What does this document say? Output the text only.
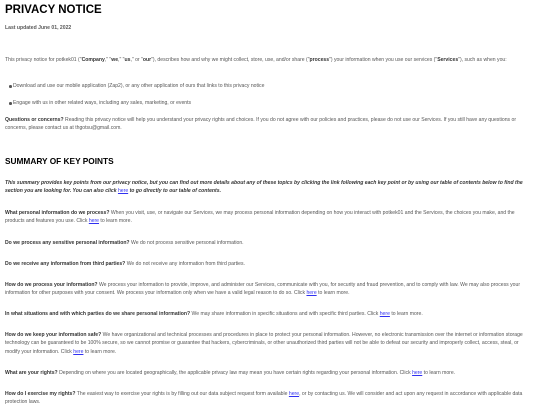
PRIVACY NOTICE
Last updated June 01, 2022
This privacy notice for potkek01 ("Company," "we," "us," or "our"), describes how and why we might collect, store, use, and/or share ("process") your information when you use our services ("Services"), such as when you:
Download and use our mobile application (Zap2), or any other application of ours that links to this privacy notice
Engage with us in other related ways, including any sales, marketing, or events
Questions or concerns? Reading this privacy notice will help you understand your privacy rights and choices. If you do not agree with our policies and practices, please do not use our Services. If you still have any questions or concerns, please contact us at thgotsu@gmail.com.
SUMMARY OF KEY POINTS
This summary provides key points from our privacy notice, but you can find out more details about any of these topics by clicking the link following each key point or by using our table of contents below to find the section you are looking for. You can also click here to go directly to our table of contents.
What personal information do we process? When you visit, use, or navigate our Services, we may process personal information depending on how you interact with potkek01 and the Services, the choices you make, and the products and features you use. Click here to learn more.
Do we process any sensitive personal information? We do not process sensitive personal information.
Do we receive any information from third parties? We do not receive any information from third parties.
How do we process your information? We process your information to provide, improve, and administer our Services, communicate with you, for security and fraud prevention, and to comply with law. We may also process your information for other purposes with your consent. We process your information only when we have a valid legal reason to do so. Click here to learn more.
In what situations and with which parties do we share personal information? We may share information in specific situations and with specific third parties. Click here to learn more.
How do we keep your information safe? We have organizational and technical processes and procedures in place to protect your personal information. However, no electronic transmission over the internet or information storage technology can be guaranteed to be 100% secure, so we cannot promise or guarantee that hackers, cybercriminals, or other unauthorized third parties will not be able to defeat our security and improperly collect, access, steal, or modify your information. Click here to learn more.
What are your rights? Depending on where you are located geographically, the applicable privacy law may mean you have certain rights regarding your personal information. Click here to learn more.
How do I exercise my rights? The easiest way to exercise your rights is by filling out our data subject request form available here, or by contacting us. We will consider and act upon any request in accordance with applicable data protection laws.
